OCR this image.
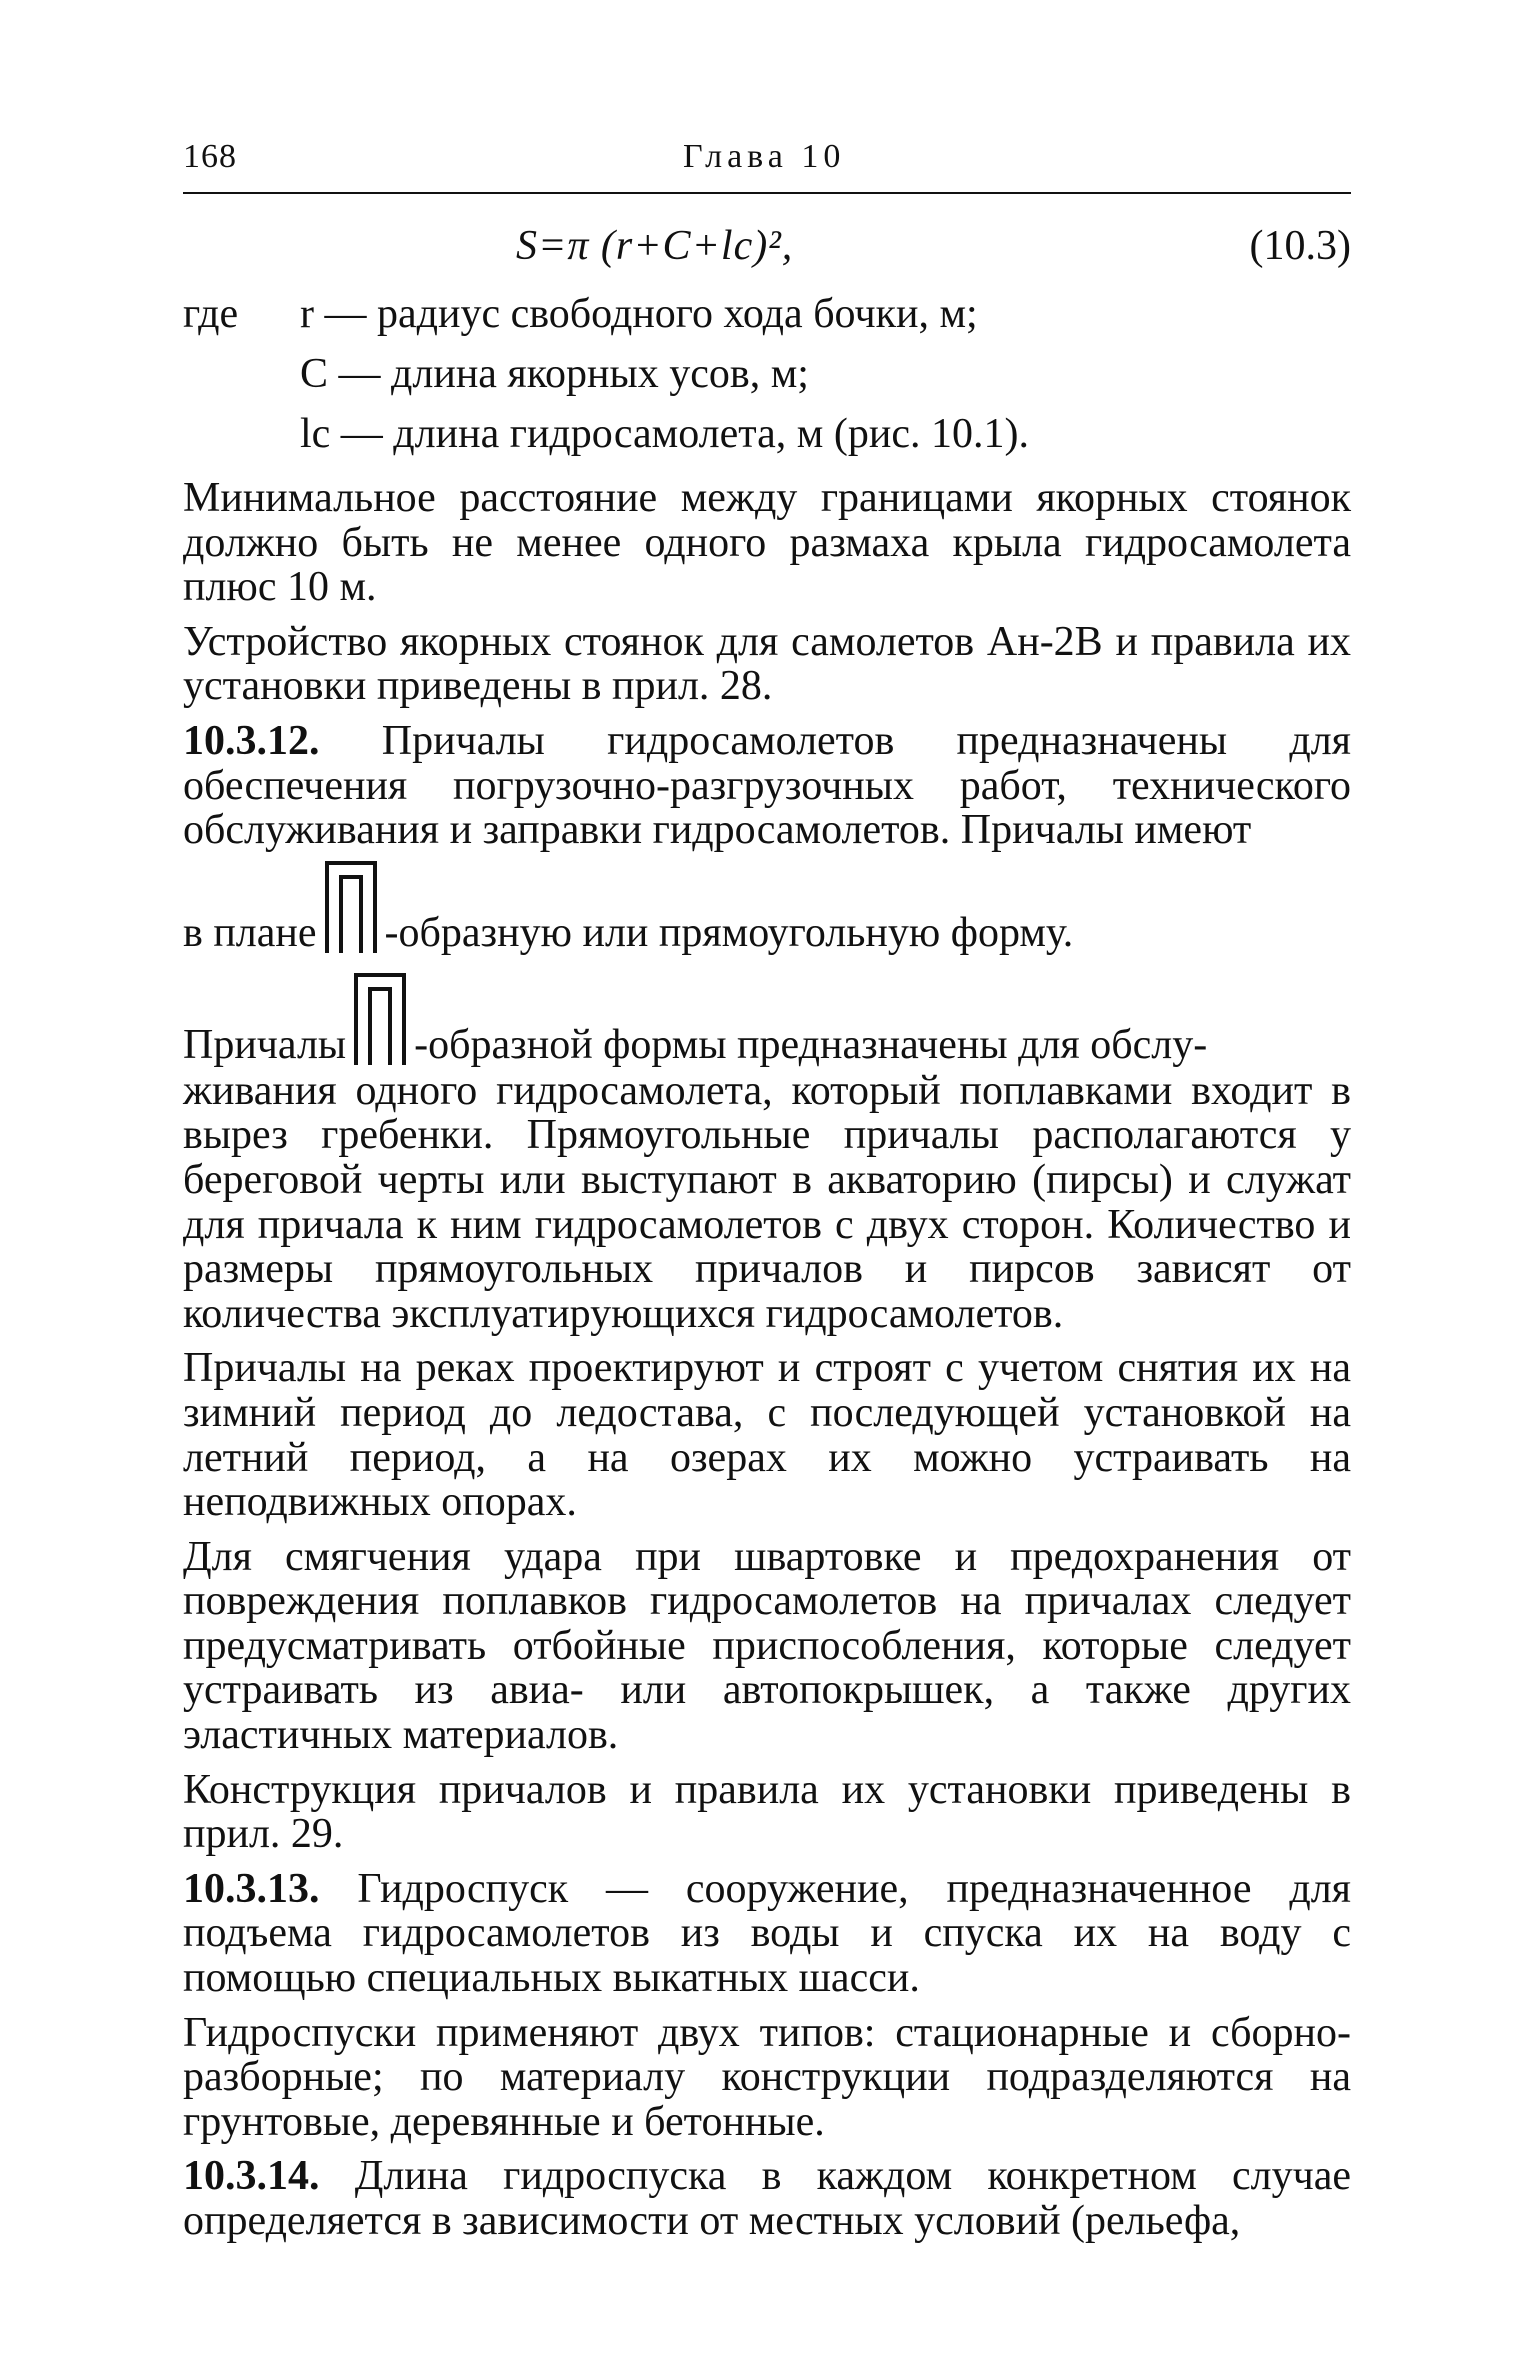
168	Глава 10
S=π (r+C+lc)²,	(10.3)
где r — радиус свободного хода бочки, м;
C — длина якорных усов, м;
lc — длина гидросамолета, м (рис. 10.1).

Минимальное расстояние между границами якорных стоянок должно быть не менее одного размаха крыла гидросамолета плюс 10 м.

Устройство якорных стоянок для самолетов Ан-2В и правила их установки приведены в прил. 28.

10.3.12. Причалы гидросамолетов предназначены для обеспечения погрузочно-разгрузочных работ, технического обслуживания и заправки гидросамолетов. Причалы имеют

в плане -образную или прямоугольную форму.
Причалы -образной формы предназначены для обслу-

живания одного гидросамолета, который поплавками входит в вырез гребенки. Прямоугольные причалы располагаются у береговой черты или выступают в акваторию (пирсы) и служат для причала к ним гидросамолетов с двух сторон. Количество и размеры прямоугольных причалов и пирсов зависят от количества эксплуатирующихся гидросамолетов.

Причалы на реках проектируют и строят с учетом снятия их на зимний период до ледостава, с последующей установкой на летний период, а на озерах их можно устраивать на неподвижных опорах.

Для смягчения удара при швартовке и предохранения от повреждения поплавков гидросамолетов на причалах следует предусматривать отбойные приспособления, которые следует устраивать из авиа- или автопокрышек, а также других эластичных материалов.

Конструкция причалов и правила их установки приведены в прил. 29.

10.3.13. Гидроспуск — сооружение, предназначенное для подъема гидросамолетов из воды и спуска их на воду с помощью специальных выкатных шасси.

Гидроспуски применяют двух типов: стационарные и сборно-разборные; по материалу конструкции подразделяются на грунтовые, деревянные и бетонные.

10.3.14. Длина гидроспуска в каждом конкретном случае определяется в зависимости от местных условий (рельефа,
